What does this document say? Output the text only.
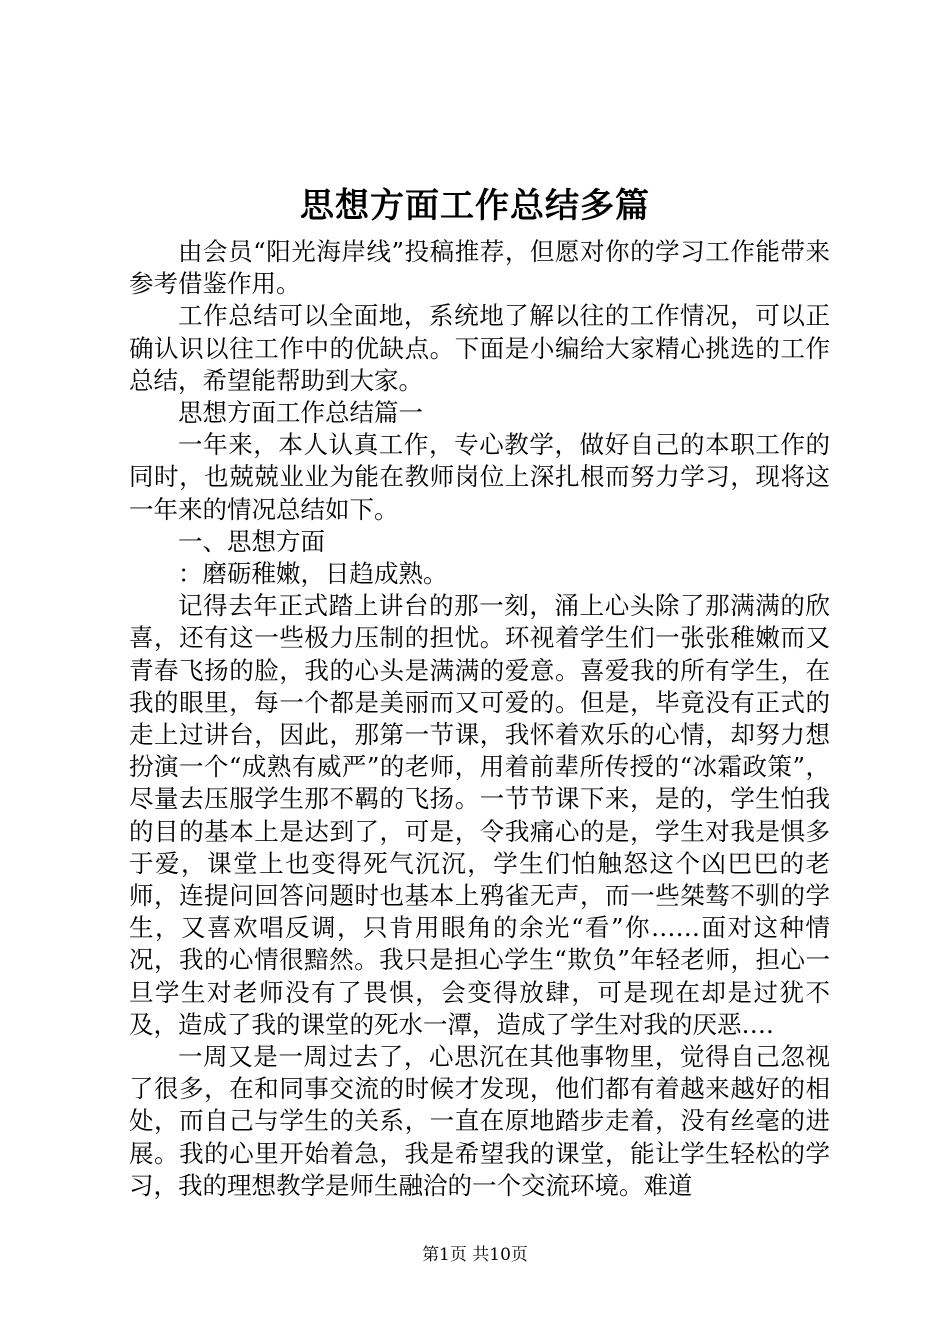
思想方面工作总结多篇

由会员“阳光海岸线”投稿推荐，但愿对你的学习工作能带来参考借鉴作用。

工作总结可以全面地，系统地了解以往的工作情况，可以正确认识以往工作中的优缺点。下面是小编给大家精心挑选的工作总结，希望能帮助到大家。

思想方面工作总结篇一

一年来，本人认真工作，专心教学，做好自己的本职工作的同时，也兢兢业业为能在教师岗位上深扎根而努力学习，现将这一年来的情况总结如下。

一、思想方面

：磨砺稚嫩，日趋成熟。

记得去年正式踏上讲台的那一刻，涌上心头除了那满满的欣喜，还有这一些极力压制的担忧。环视着学生们一张张稚嫩而又青春飞扬的脸，我的心头是满满的爱意。喜爱我的所有学生，在我的眼里，每一个都是美丽而又可爱的。但是，毕竟没有正式的走上过讲台，因此，那第一节课，我怀着欢乐的心情，却努力想扮演一个“成熟有威严”的老师，用着前辈所传授的“冰霜政策”，尽量去压服学生那不羁的飞扬。一节节课下来，是的，学生怕我的目的基本上是达到了，可是，令我痛心的是，学生对我是惧多于爱，课堂上也变得死气沉沉，学生们怕触怒这个凶巴巴的老师，连提问回答问题时也基本上鸦雀无声，而一些桀骜不驯的学生，又喜欢唱反调，只肯用眼角的余光“看”你……面对这种情况，我的心情很黯然。我只是担心学生“欺负”年轻老师，担心一旦学生对老师没有了畏惧，会变得放肆，可是现在却是过犹不及，造成了我的课堂的死水一潭，造成了学生对我的厌恶….

一周又是一周过去了，心思沉在其他事物里，觉得自己忽视了很多，在和同事交流的时候才发现，他们都有着越来越好的相处，而自己与学生的关系，一直在原地踏步走着，没有丝毫的进展。我的心里开始着急，我是希望我的课堂，能让学生轻松的学习，我的理想教学是师生融洽的一个交流环境。难道

第1页 共10页
